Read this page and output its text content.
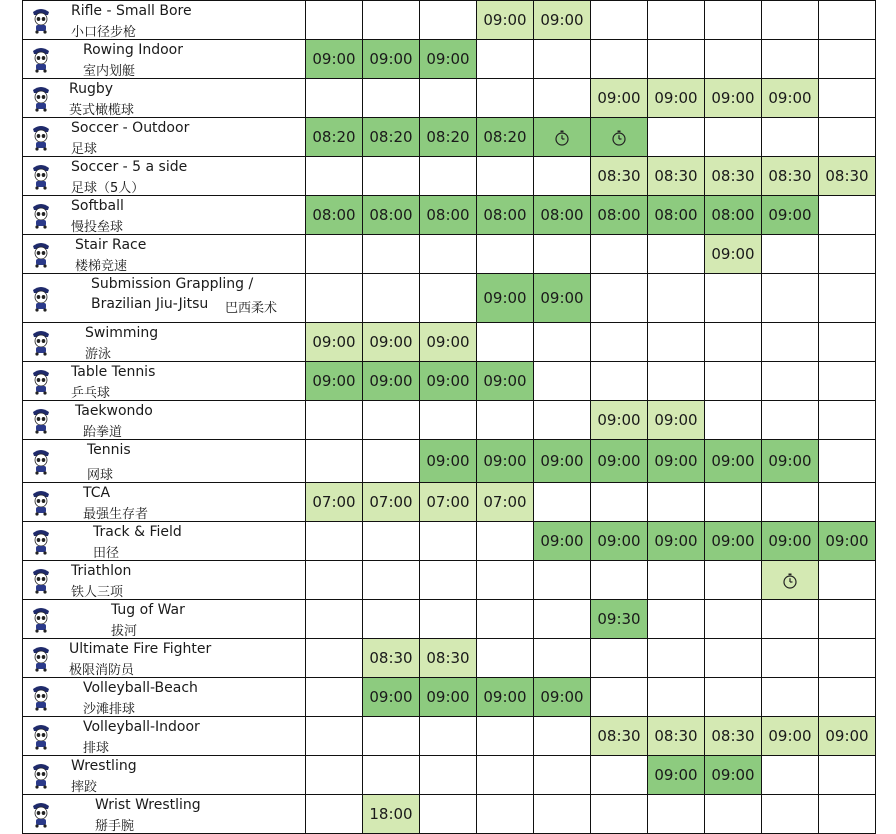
Rifle - Small Bore
小口径步枪				09:00	09:00					

Rowing Indoor
室内划艇	09:00	09:00	09:00							

Rugby
英式橄榄球						09:00	09:00	09:00	09:00	

Soccer - Outdoor
足球	08:20	08:20	08:20	08:20						

Soccer - 5 a side
足球（5人）						08:30	08:30	08:30	08:30	08:30

Softball
慢投垒球	08:00	08:00	08:00	08:00	08:00	08:00	08:00	08:00	09:00	

Stair Race
楼梯竞速								09:00		

Submission Grappling /
Brazilian Jiu-Jitsu 巴西柔术				09:00	09:00					

Swimming
游泳	09:00	09:00	09:00							

Table Tennis
乒乓球	09:00	09:00	09:00	09:00						

Taekwondo
跆拳道						09:00	09:00			

Tennis
网球			09:00	09:00	09:00	09:00	09:00	09:00	09:00	

TCA
最强生存者	07:00	07:00	07:00	07:00						

Track & Field
田径					09:00	09:00	09:00	09:00	09:00	09:00

Triathlon
铁人三项

Tug of War
拔河						09:30				

Ultimate Fire Fighter
极限消防员		08:30	08:30							

Volleyball-Beach
沙滩排球		09:00	09:00	09:00	09:00					

Volleyball-Indoor
排球						08:30	08:30	08:30	09:00	09:00

Wrestling
摔跤							09:00	09:00		

Wrist Wrestling
掰手腕		18:00								
